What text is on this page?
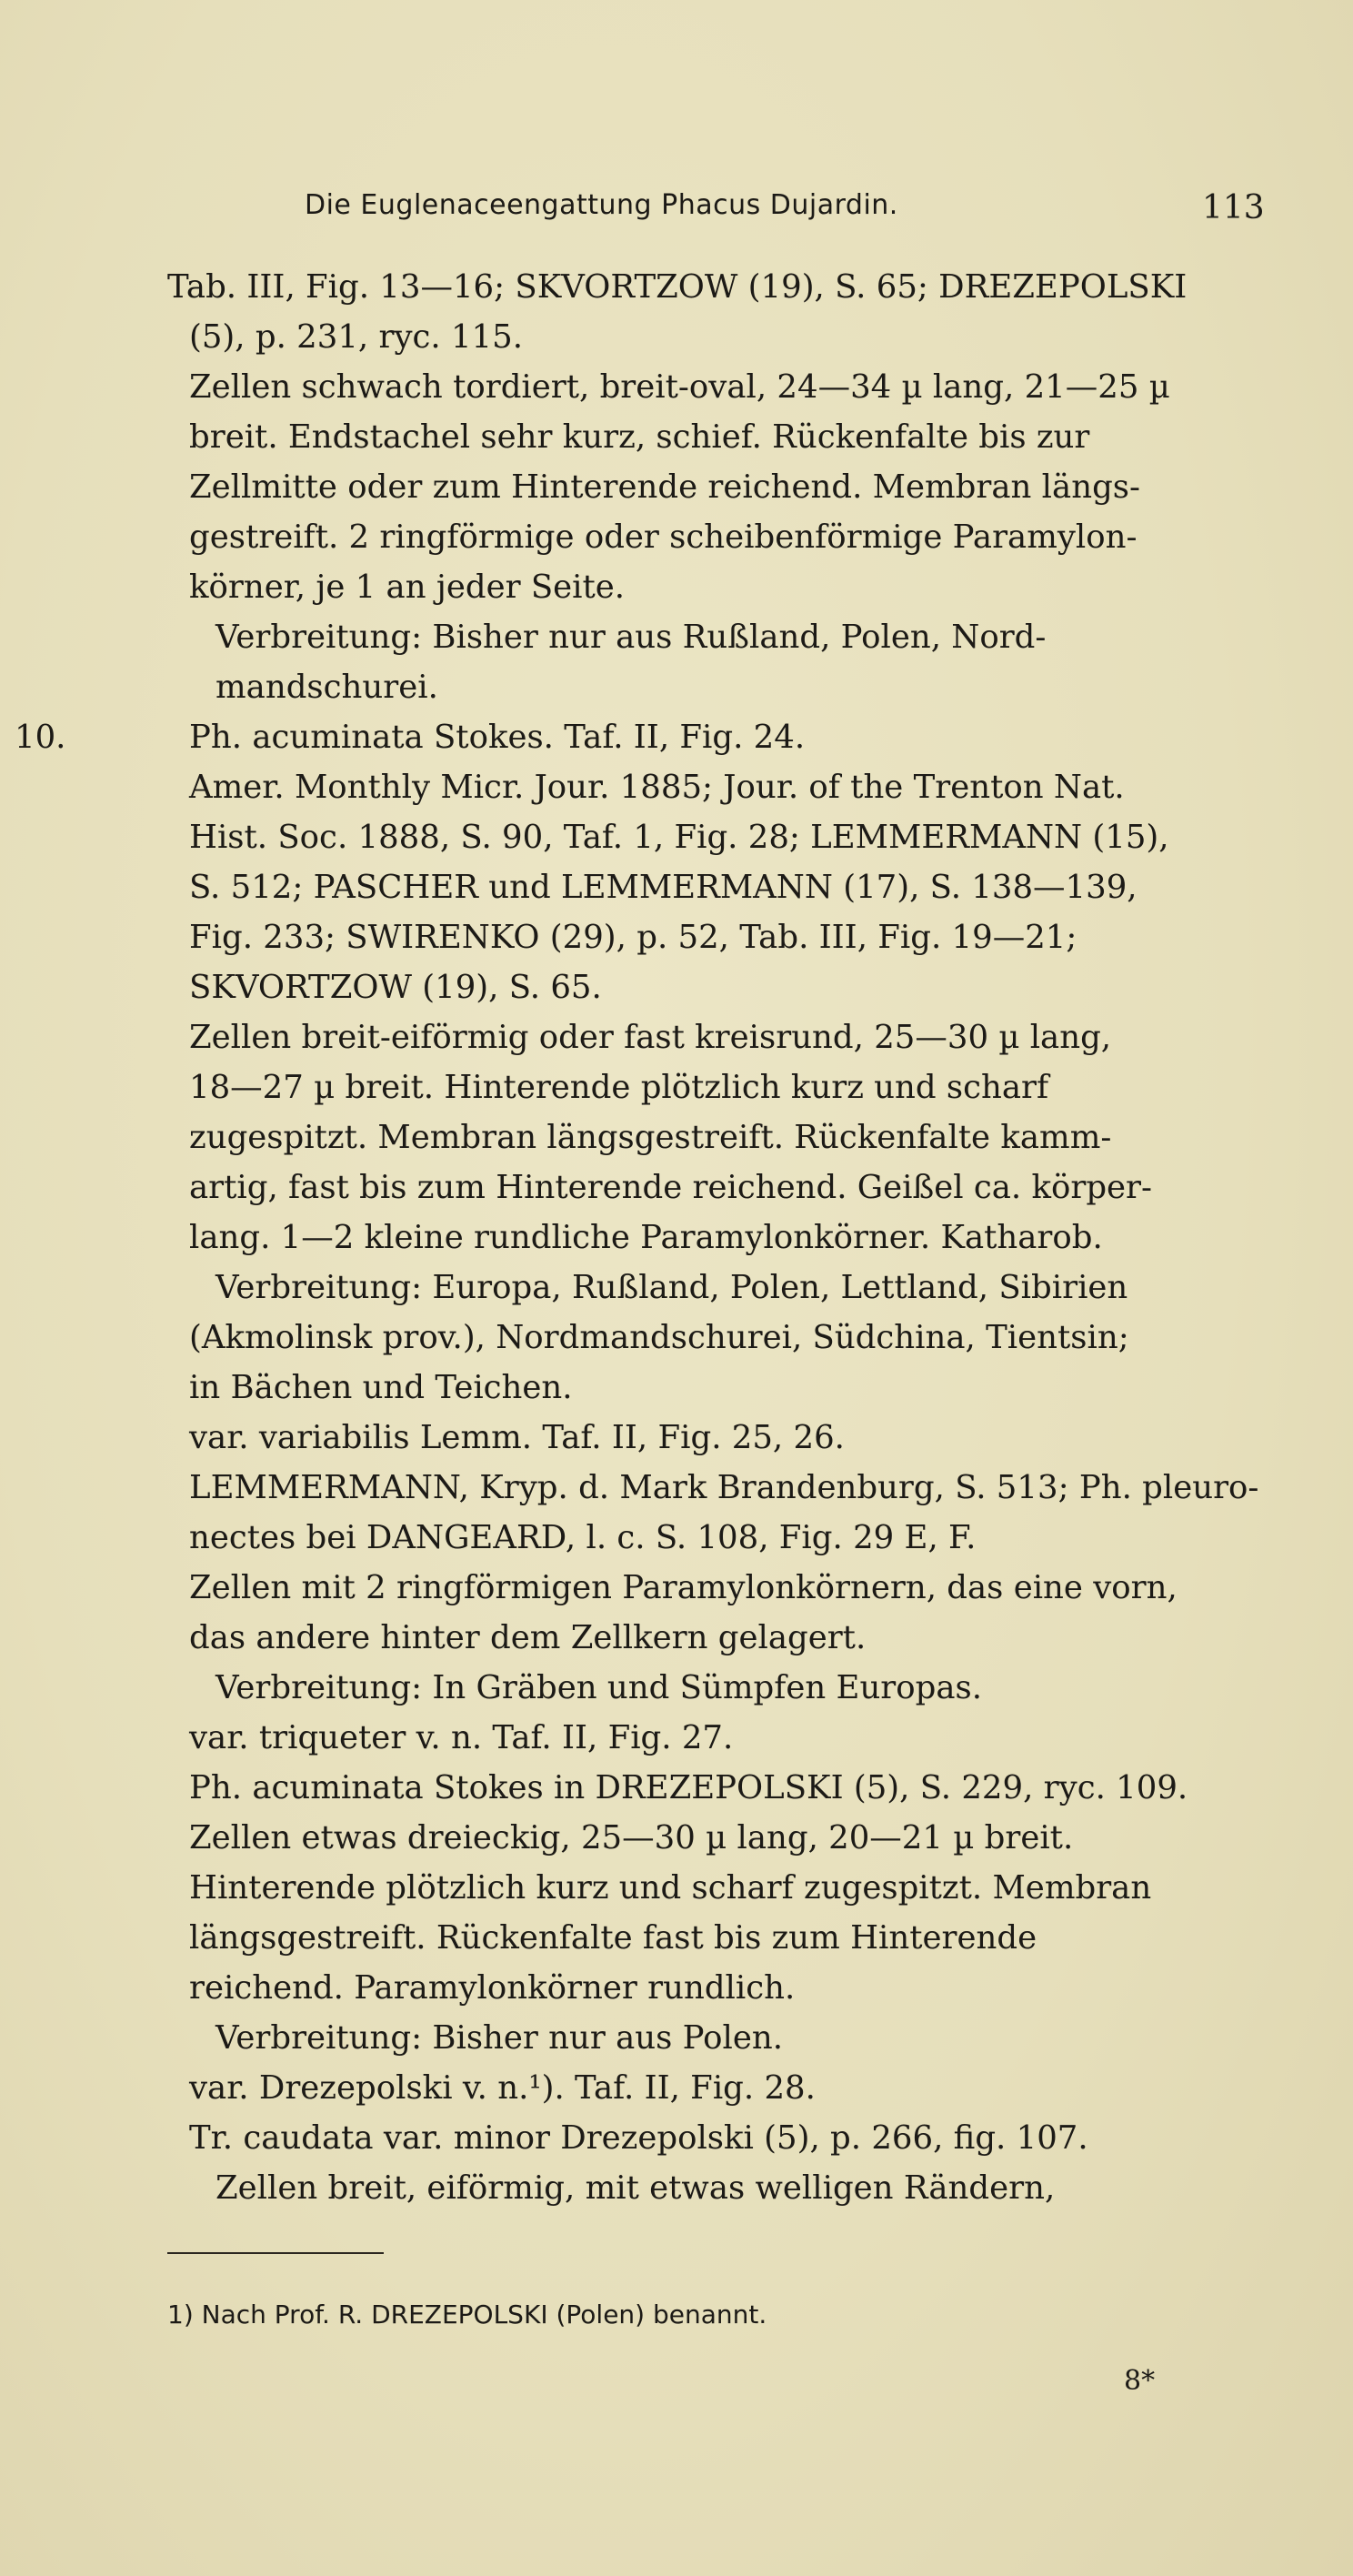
Die Euglenaceengattung Phacus Dujardin.	113
Tab. III, Fig. 13—16; SKVORTZOW (19), S. 65; DREZEPOLSKI
(5), p. 231, ryc. 115.
Zellen schwach tordiert, breit-oval, 24—34 µ lang, 21—25 µ
breit. Endstachel sehr kurz, schief. Rückenfalte bis zur
Zellmitte oder zum Hinterende reichend. Membran längs-
gestreift. 2 ringförmige oder scheibenförmige Paramylon-
körner, je 1 an jeder Seite.
Verbreitung: Bisher nur aus Rußland, Polen, Nord-
mandschurei.
10.	Ph. acuminata Stokes. Taf. II, Fig. 24.
Amer. Monthly Micr. Jour. 1885; Jour. of the Trenton Nat.
Hist. Soc. 1888, S. 90, Taf. 1, Fig. 28; LEMMERMANN (15),
S. 512; PASCHER und LEMMERMANN (17), S. 138—139,
Fig. 233; SWIRENKO (29), p. 52, Tab. III, Fig. 19—21;
SKVORTZOW (19), S. 65.
Zellen breit-eiförmig oder fast kreisrund, 25—30 µ lang,
18—27 µ breit. Hinterende plötzlich kurz und scharf
zugespitzt. Membran längsgestreift. Rückenfalte kamm-
artig, fast bis zum Hinterende reichend. Geißel ca. körper-
lang. 1—2 kleine rundliche Paramylonkörner. Katharob.
Verbreitung: Europa, Rußland, Polen, Lettland, Sibirien
(Akmolinsk prov.), Nordmandschurei, Südchina, Tientsin;
in Bächen und Teichen.
var. variabilis Lemm. Taf. II, Fig. 25, 26.
LEMMERMANN, Kryp. d. Mark Brandenburg, S. 513; Ph. pleuro-
nectes bei DANGEARD, l. c. S. 108, Fig. 29 E, F.
Zellen mit 2 ringförmigen Paramylonkörnern, das eine vorn,
das andere hinter dem Zellkern gelagert.
Verbreitung: In Gräben und Sümpfen Europas.
var. triqueter v. n. Taf. II, Fig. 27.
Ph. acuminata Stokes in DREZEPOLSKI (5), S. 229, ryc. 109.
Zellen etwas dreieckig, 25—30 µ lang, 20—21 µ breit.
Hinterende plötzlich kurz und scharf zugespitzt. Membran
längsgestreift. Rückenfalte fast bis zum Hinterende
reichend. Paramylonkörner rundlich.
Verbreitung: Bisher nur aus Polen.
var. Drezepolski v. n.¹). Taf. II, Fig. 28.
Tr. caudata var. minor Drezepolski (5), p. 266, fig. 107.
Zellen breit, eiförmig, mit etwas welligen Rändern,
1) Nach Prof. R. DREZEPOLSKI (Polen) benannt.
8*
